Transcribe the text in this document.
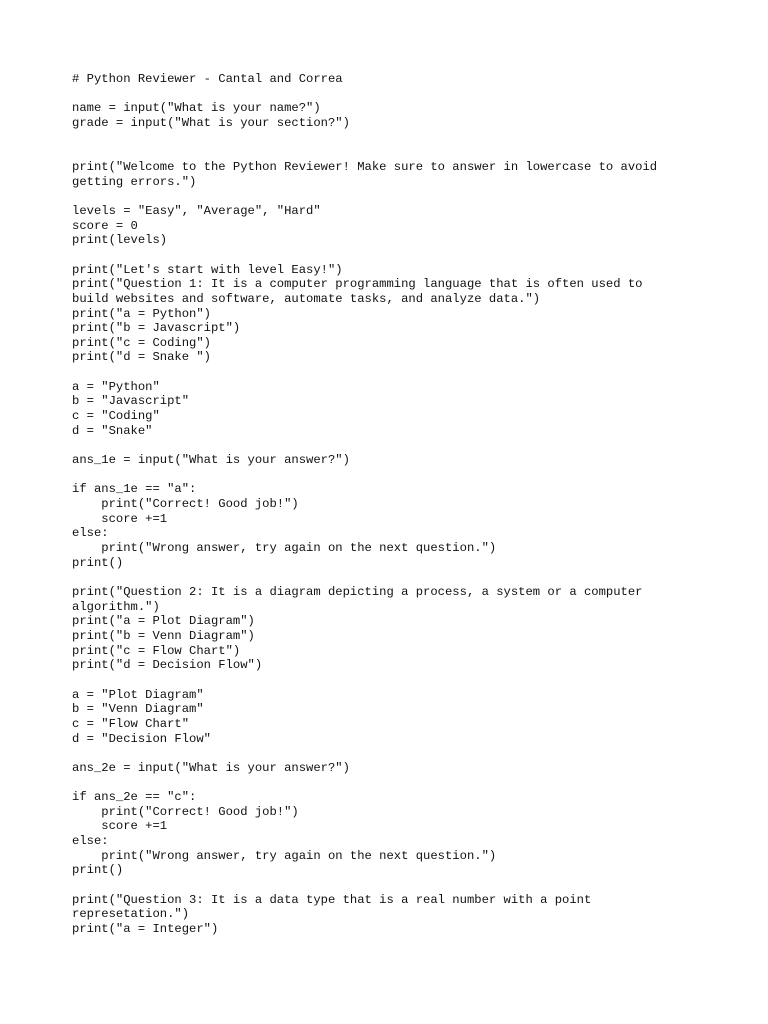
# Python Reviewer - Cantal and Correa
name = input("What is your name?")
grade = input("What is your section?")
print("Welcome to the Python Reviewer! Make sure to answer in lowercase to avoid
getting errors.")
levels = "Easy", "Average", "Hard"
score = 0
print(levels)
print("Let's start with level Easy!")
print("Question 1: It is a computer programming language that is often used to
build websites and software, automate tasks, and analyze data.")
print("a = Python")
print("b = Javascript")
print("c = Coding")
print("d = Snake ")
a = "Python"
b = "Javascript"
c = "Coding"
d = "Snake"
ans_1e = input("What is your answer?")
if ans_1e == "a":
print("Correct! Good job!")
score +=1
else:
print("Wrong answer, try again on the next question.")
print()
print("Question 2: It is a diagram depicting a process, a system or a computer
algorithm.")
print("a = Plot Diagram")
print("b = Venn Diagram")
print("c = Flow Chart")
print("d = Decision Flow")
a = "Plot Diagram"
b = "Venn Diagram"
c = "Flow Chart"
d = "Decision Flow"
ans_2e = input("What is your answer?")
if ans_2e == "c":
print("Correct! Good job!")
score +=1
else:
print("Wrong answer, try again on the next question.")
print()
print("Question 3: It is a data type that is a real number with a point
represetation.")
print("a = Integer")
